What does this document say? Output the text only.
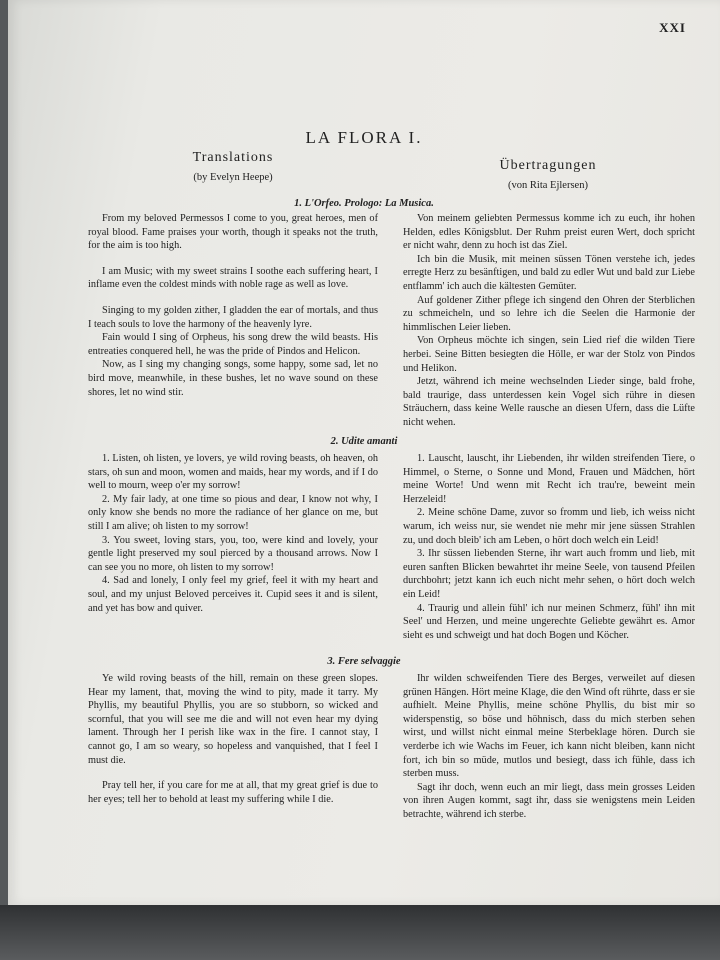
XXI
LA FLORA I.
Translations
(by Evelyn Heepe)
Übertragungen
(von Rita Ejlersen)
1. L'Orfeo. Prologo: La Musica.

From my beloved Permessos I come to you, great heroes, men of royal blood. Fame praises your worth, though it speaks not the truth, for the aim is too high.

I am Music; with my sweet strains I soothe each suffering heart, I inflame even the coldest minds with noble rage as well as love.

Singing to my golden zither, I gladden the ear of mortals, and thus I teach souls to love the harmony of the heavenly lyre.

Fain would I sing of Orpheus, his song drew the wild beasts. His entreaties conquered hell, he was the pride of Pindos and Helicon.

Now, as I sing my changing songs, some happy, some sad, let no bird move, meanwhile, in these bushes, let no wave sound on these shores, let no wind stir.

Von meinem geliebten Permessus komme ich zu euch, ihr hohen Helden, edles Königsblut. Der Ruhm preist euren Wert, doch spricht er nicht wahr, denn zu hoch ist das Ziel.

Ich bin die Musik, mit meinen süssen Tönen verstehe ich, jedes erregte Herz zu besänftigen, und bald zu edler Wut und bald zur Liebe entflamm' ich auch die kältesten Gemüter.

Auf goldener Zither pflege ich singend den Ohren der Sterblichen zu schmeicheln, und so lehre ich die Seelen die Harmonie der himmlischen Leier lieben.

Von Orpheus möchte ich singen, sein Lied rief die wilden Tiere herbei. Seine Bitten besiegten die Hölle, er war der Stolz von Pindos und Helikon.

Jetzt, während ich meine wechselnden Lieder singe, bald frohe, bald traurige, dass unterdessen kein Vogel sich rühre in diesen Sträuchern, dass keine Welle rausche an diesen Ufern, dass die Lüfte nicht wehen.

2. Udite amanti

1. Listen, oh listen, ye lovers, ye wild roving beasts, oh heaven, oh stars, oh sun and moon, women and maids, hear my words, and if I do well to mourn, weep o'er my sorrow!

2. My fair lady, at one time so pious and dear, I know not why, I only know she bends no more the radiance of her glance on me, but still I am alive; oh listen to my sorrow!

3. You sweet, loving stars, you, too, were kind and lovely, your gentle light preserved my soul pierced by a thousand arrows. Now I can see you no more, oh listen to my sorrow!

4. Sad and lonely, I only feel my grief, feel it with my heart and soul, and my unjust Beloved perceives it. Cupid sees it and is silent, and yet has bow and quiver.

1. Lauscht, lauscht, ihr Liebenden, ihr wilden streifenden Tiere, o Himmel, o Sterne, o Sonne und Mond, Frauen und Mädchen, hört meine Worte! Und wenn mit Recht ich trau're, beweint mein Herzeleid!

2. Meine schöne Dame, zuvor so fromm und lieb, ich weiss nicht warum, ich weiss nur, sie wendet nie mehr mir jene süssen Strahlen zu, und doch bleib' ich am Leben, o hört doch welch ein Leid!

3. Ihr süssen liebenden Sterne, ihr wart auch fromm und lieb, mit euren sanften Blicken bewahrtet ihr meine Seele, von tausend Pfeilen durchbohrt; jetzt kann ich euch nicht mehr sehen, o hört doch welch ein Leid!

4. Traurig und allein fühl' ich nur meinen Schmerz, fühl' ihn mit Seel' und Herzen, und meine ungerechte Geliebte gewährt es. Amor sieht es und schweigt und hat doch Bogen und Köcher.

3. Fere selvaggie

Ye wild roving beasts of the hill, remain on these green slopes. Hear my lament, that, moving the wind to pity, made it tarry. My Phyllis, my beautiful Phyllis, you are so stubborn, so wicked and scornful, that you will see me die and will not even hear my dying lament. Through her I perish like wax in the fire. I cannot stay, I cannot go, I am so weary, so hopeless and vanquished, that I feel I must die.

Pray tell her, if you care for me at all, that my great grief is due to her eyes; tell her to behold at least my suffering while I die.

Ihr wilden schweifenden Tiere des Berges, verweilet auf diesen grünen Hängen. Hört meine Klage, die den Wind oft rührte, dass er sie aufhielt. Meine Phyllis, meine schöne Phyllis, du bist mir so widerspenstig, so böse und höhnisch, dass du mich sterben sehen wirst, und willst nicht einmal meine Sterbeklage hören. Durch sie verderbe ich wie Wachs im Feuer, ich kann nicht bleiben, kann nicht fort, ich bin so müde, mutlos und besiegt, dass ich fühle, dass ich sterben muss.

Sagt ihr doch, wenn euch an mir liegt, dass mein grosses Leiden von ihren Augen kommt, sagt ihr, dass sie wenigstens mein Leiden betrachte, während ich sterbe.
